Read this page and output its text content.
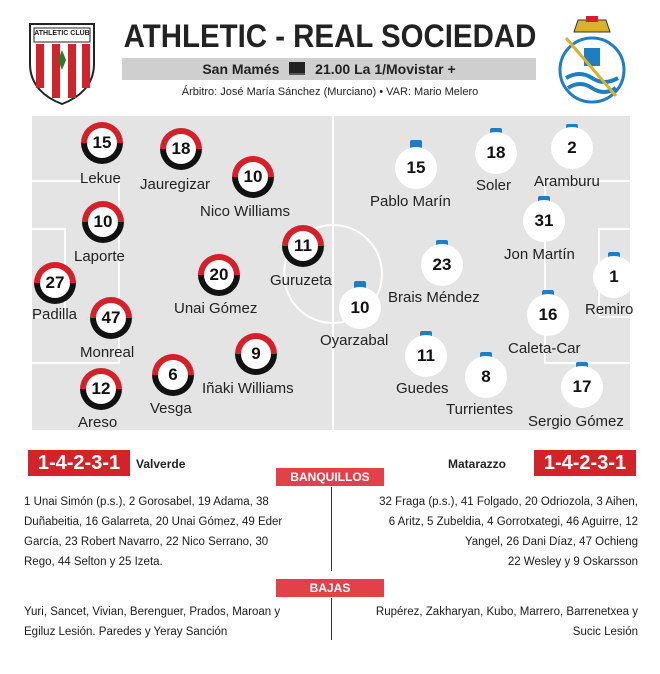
ATHLETIC CLUB	ATHLETIC - REAL SOCIEDAD
San Mamés	21.00 La 1/Movistar +
Árbitro: José María Sánchez (Murciano) • VAR: Mario Melero
15
Lekue
18
Jauregizar	10
Nico Williams
10
Laporte
11
Guruzeta
27
Padilla
20
Unai Gómez
47
Monreal	9
Iñaki Williams
6
Vesga
12
Areso
15
Pablo Marín
18
Soler
2
Aramburu
31
Jon Martín
23
Brais Méndez
1
Remiro
10
Oyarzabal
16
Caleta-Car
11
Guedes
8
Turrientes
17
Sergio Gómez
1-4-2-3-1	Valverde	Matarazzo	1-4-2-3-1
BANQUILLOS
1 Unai Simón (p.s.), 2 Gorosabel, 19 Adama, 38
Duñabeitia, 16 Galarreta, 20 Unai Gómez, 49 Eder
García, 23 Robert Navarro, 22 Nico Serrano, 30
Rego, 44 Selton y 25 Izeta.
32 Fraga (p.s.), 41 Folgado, 20 Odriozola, 3 Aihen,
6 Aritz, 5 Zubeldia, 4 Gorrotxategi, 46 Aguirre, 12
Yangel, 26 Dani Díaz, 47 Ochieng
22 Wesley y 9 Oskarsson
BAJAS
Yuri, Sancet, Vivian, Berenguer, Prados, Maroan y
Egiluz Lesión. Paredes y Yeray Sanción
Rupérez, Zakharyan, Kubo, Marrero, Barrenetxea y
Sucic Lesión
